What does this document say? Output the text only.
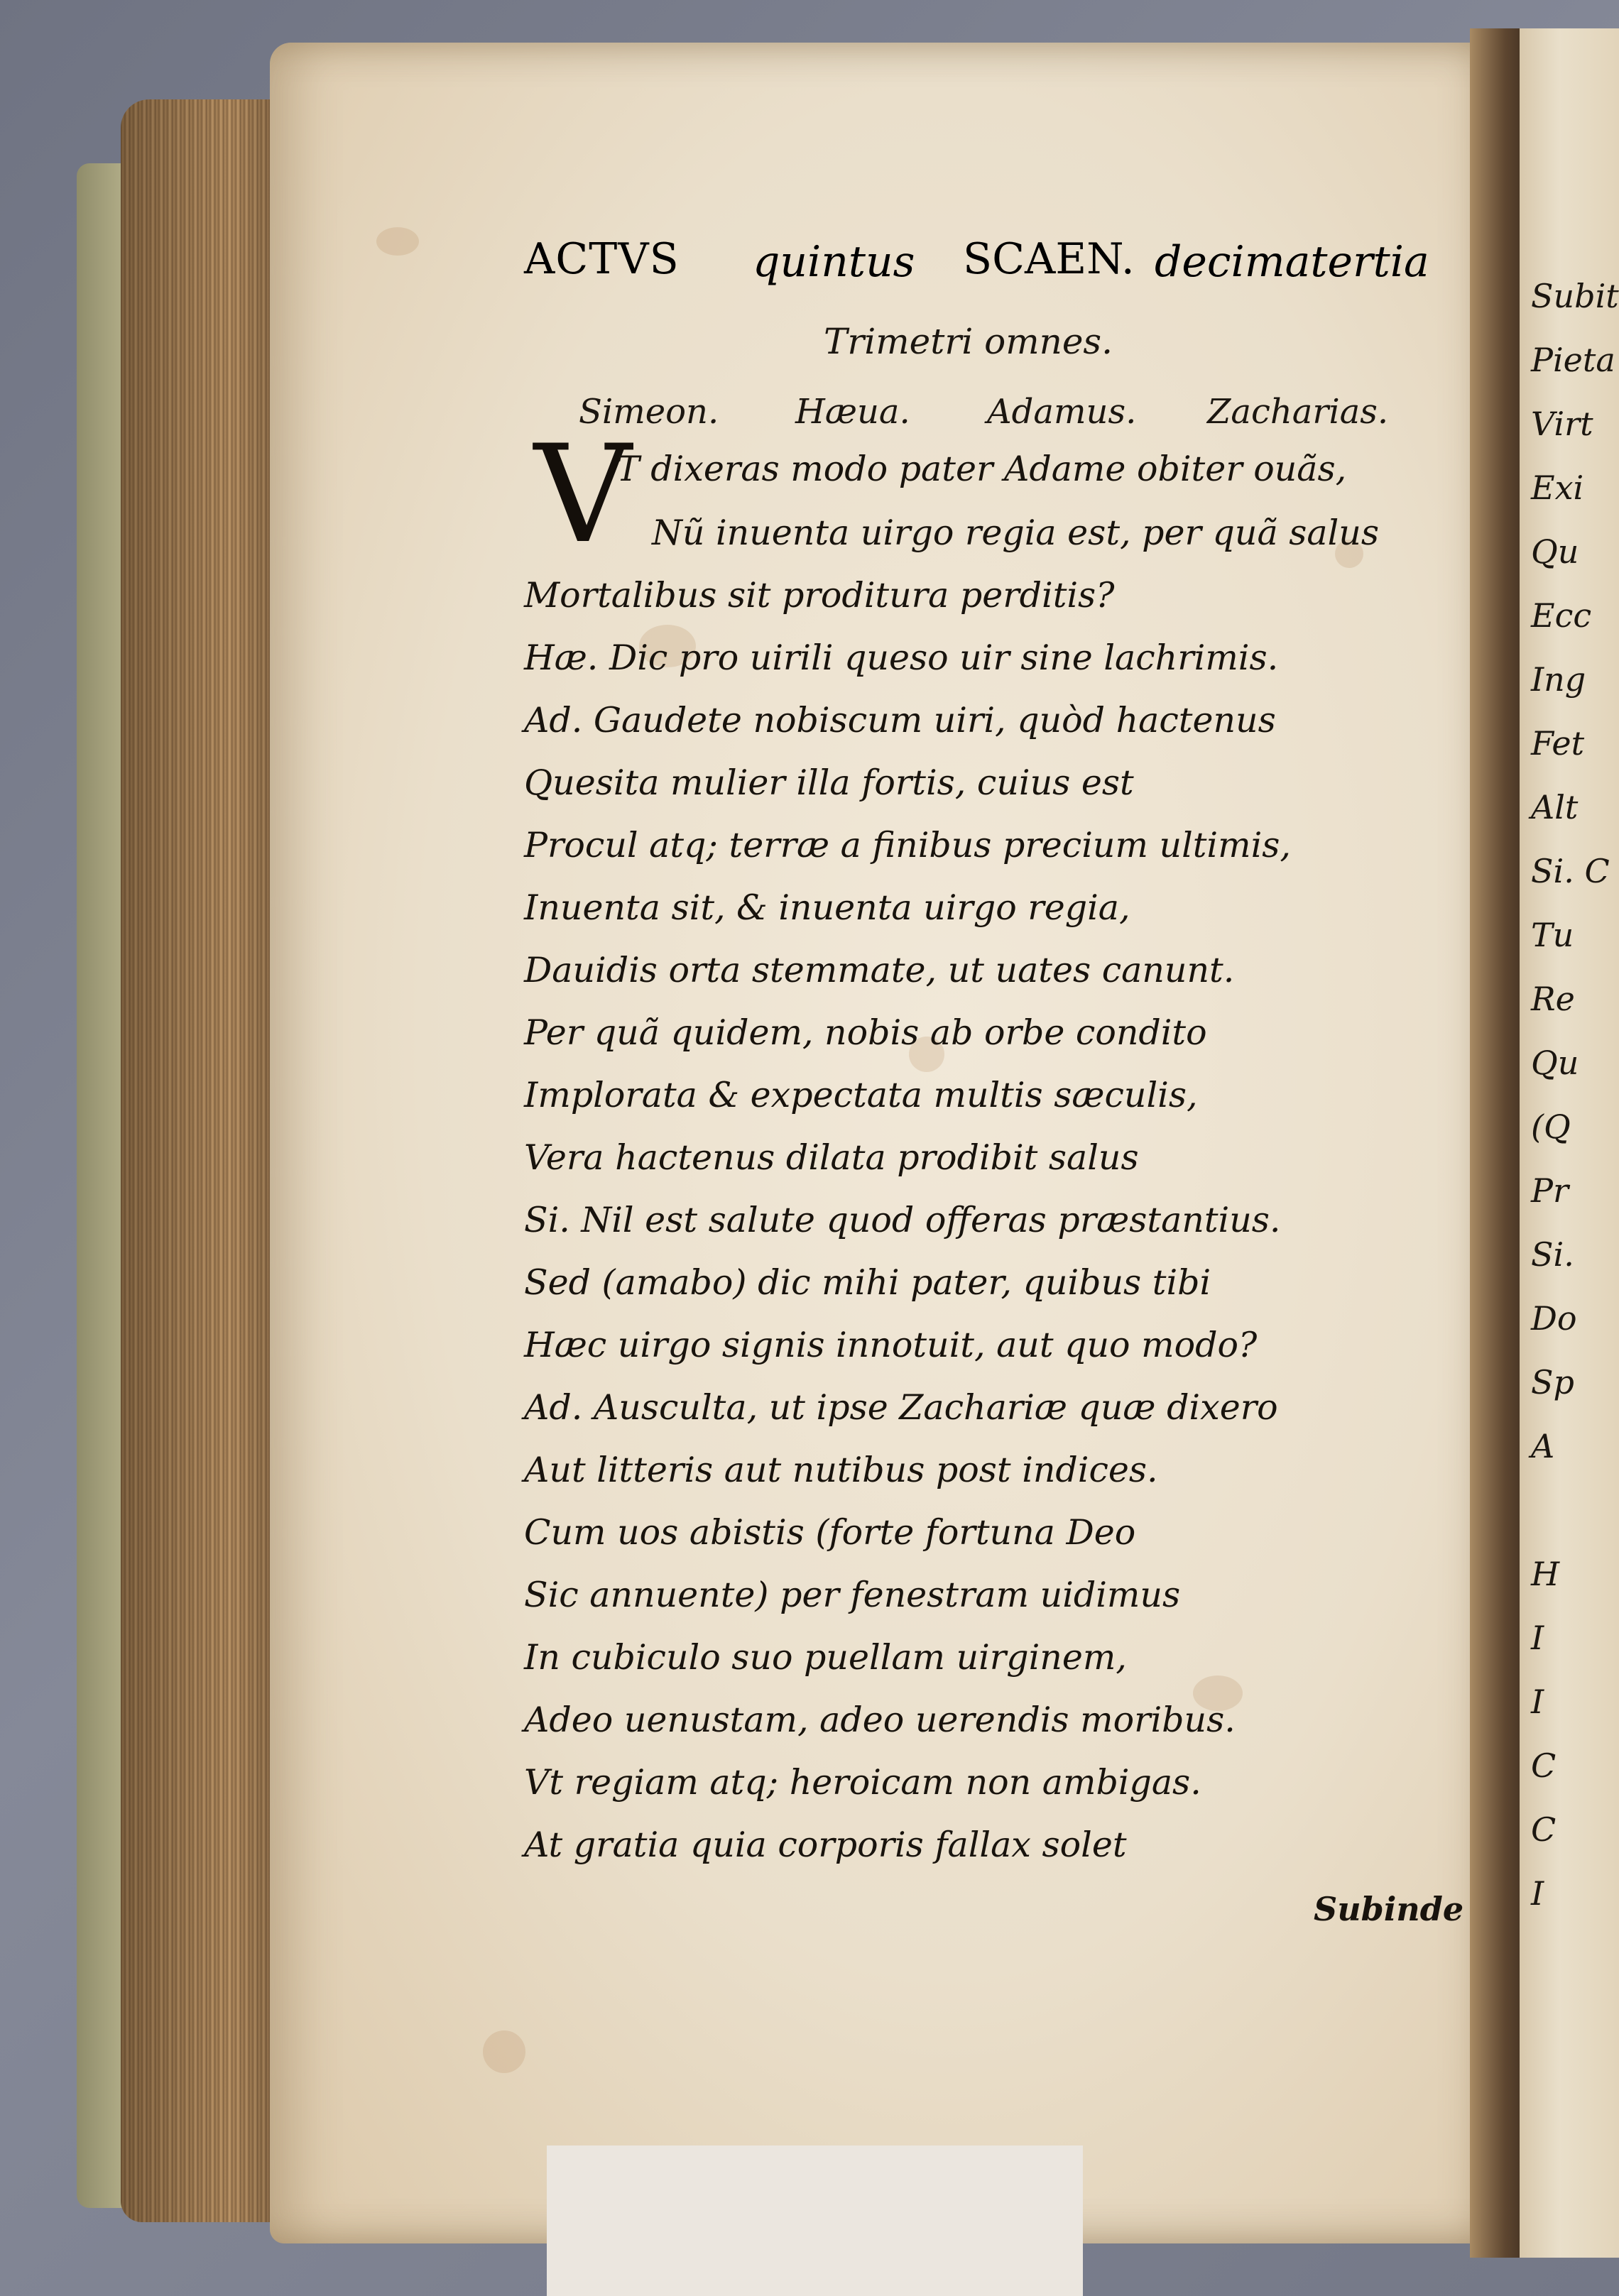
Subit
Pieta
Virt
Exi
Qu
Ecc
Ing
Fet
Alt
Si. C
Tu
Re
Qu
(Q
Pr
Si.
Do
Sp
A
H
I
I
C
C
I
ACTVS quintus SCAEN. decimatertia
Trimetri omnes.
Simeon. Hæua. Adamus. Zacharias.
V
T dixeras modo pater Adame obiter ouãs,
Nũ inuenta uirgo regia est, per quã salus
Mortalibus sit proditura perditis?
Hæ. Dic pro uirili queso uir sine lachrimis.
Ad. Gaudete nobiscum uiri, quòd hactenus
Quesita mulier illa fortis, cuius est
Procul atq; terræ a finibus precium ultimis,
Inuenta sit, & inuenta uirgo regia,
Dauidis orta stemmate, ut uates canunt.
Per quã quidem, nobis ab orbe condito
Implorata & expectata multis sæculis,
Vera hactenus dilata prodibit salus
Si. Nil est salute quod offeras præstantius.
Sed (amabo) dic mihi pater, quibus tibi
Hæc uirgo signis innotuit, aut quo modo?
Ad. Ausculta, ut ipse Zachariæ quæ dixero
Aut litteris aut nutibus post indices.
Cum uos abistis (forte fortuna Deo
Sic annuente) per fenestram uidimus
In cubiculo suo puellam uirginem,
Adeo uenustam, adeo uerendis moribus.
Vt regiam atq; heroicam non ambigas.
At gratia quia corporis fallax solet
Subinde
